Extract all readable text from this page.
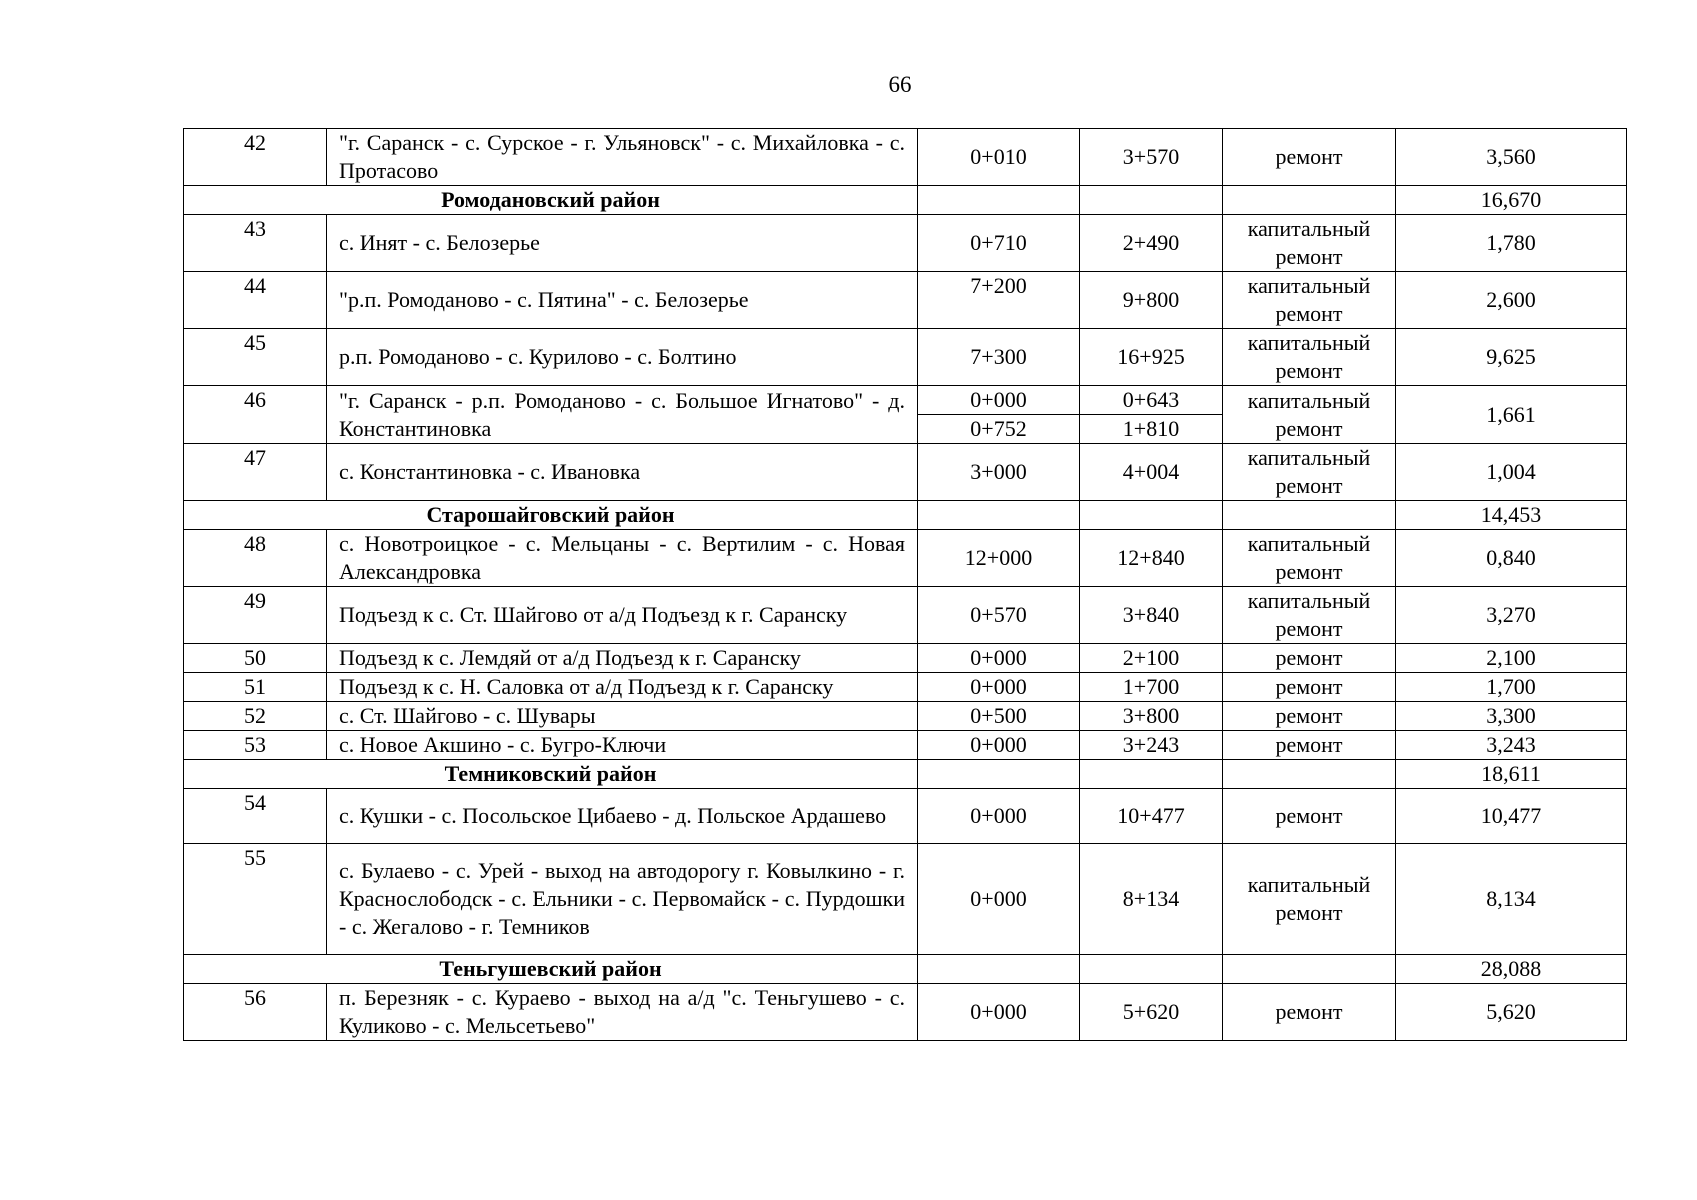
66
42	"г. Саранск - с. Сурское - г. Ульяновск" - с. Михайловка - с. Протасово	0+010	3+570	ремонт	3,560
Ромодановский район					16,670
43	с. Инят - с. Белозерье	0+710	2+490	капитальный ремонт	1,780
44	"р.п. Ромоданово - с. Пятина" - с. Белозерье	7+200	9+800	капитальный ремонт	2,600
45	р.п. Ромоданово - с. Курилово - с. Болтино	7+300	16+925	капитальный ремонт	9,625
46	"г. Саранск - р.п. Ромоданово - с. Большое Игнатово" - д. Константиновка	0+000	0+643	капитальный ремонт	1,661
		0+752	1+810		
47	с. Константиновка - с. Ивановка	3+000	4+004	капитальный ремонт	1,004
Старошайговский район					14,453
48	с. Новотроицкое - с. Мельцаны - с. Вертилим - с. Новая Александровка	12+000	12+840	капитальный ремонт	0,840
49	Подъезд к с. Ст. Шайгово от а/д Подъезд к г. Саранску	0+570	3+840	капитальный ремонт	3,270
50	Подъезд к с. Лемдяй от а/д Подъезд к г. Саранску	0+000	2+100	ремонт	2,100
51	Подъезд к с. Н. Саловка от а/д Подъезд к г. Саранску	0+000	1+700	ремонт	1,700
52	с. Ст. Шайгово - с. Шувары	0+500	3+800	ремонт	3,300
53	с. Новое Акшино - с. Бугро-Ключи	0+000	3+243	ремонт	3,243
Темниковский район					18,611
54	с. Кушки - с. Посольское Цибаево - д. Польское Ардашево	0+000	10+477	ремонт	10,477
55	с. Булаево - с. Урей - выход на автодорогу г. Ковылкино - г. Краснослободск - с. Ельники - с. Первомайск - с. Пурдошки - с. Жегалово - г. Темников	0+000	8+134	капитальный ремонт	8,134
Теньгушевский район					28,088
56	п. Березняк - с. Кураево - выход на а/д "с. Теньгушево - с. Куликово - с. Мельсетьево"	0+000	5+620	ремонт	5,620
